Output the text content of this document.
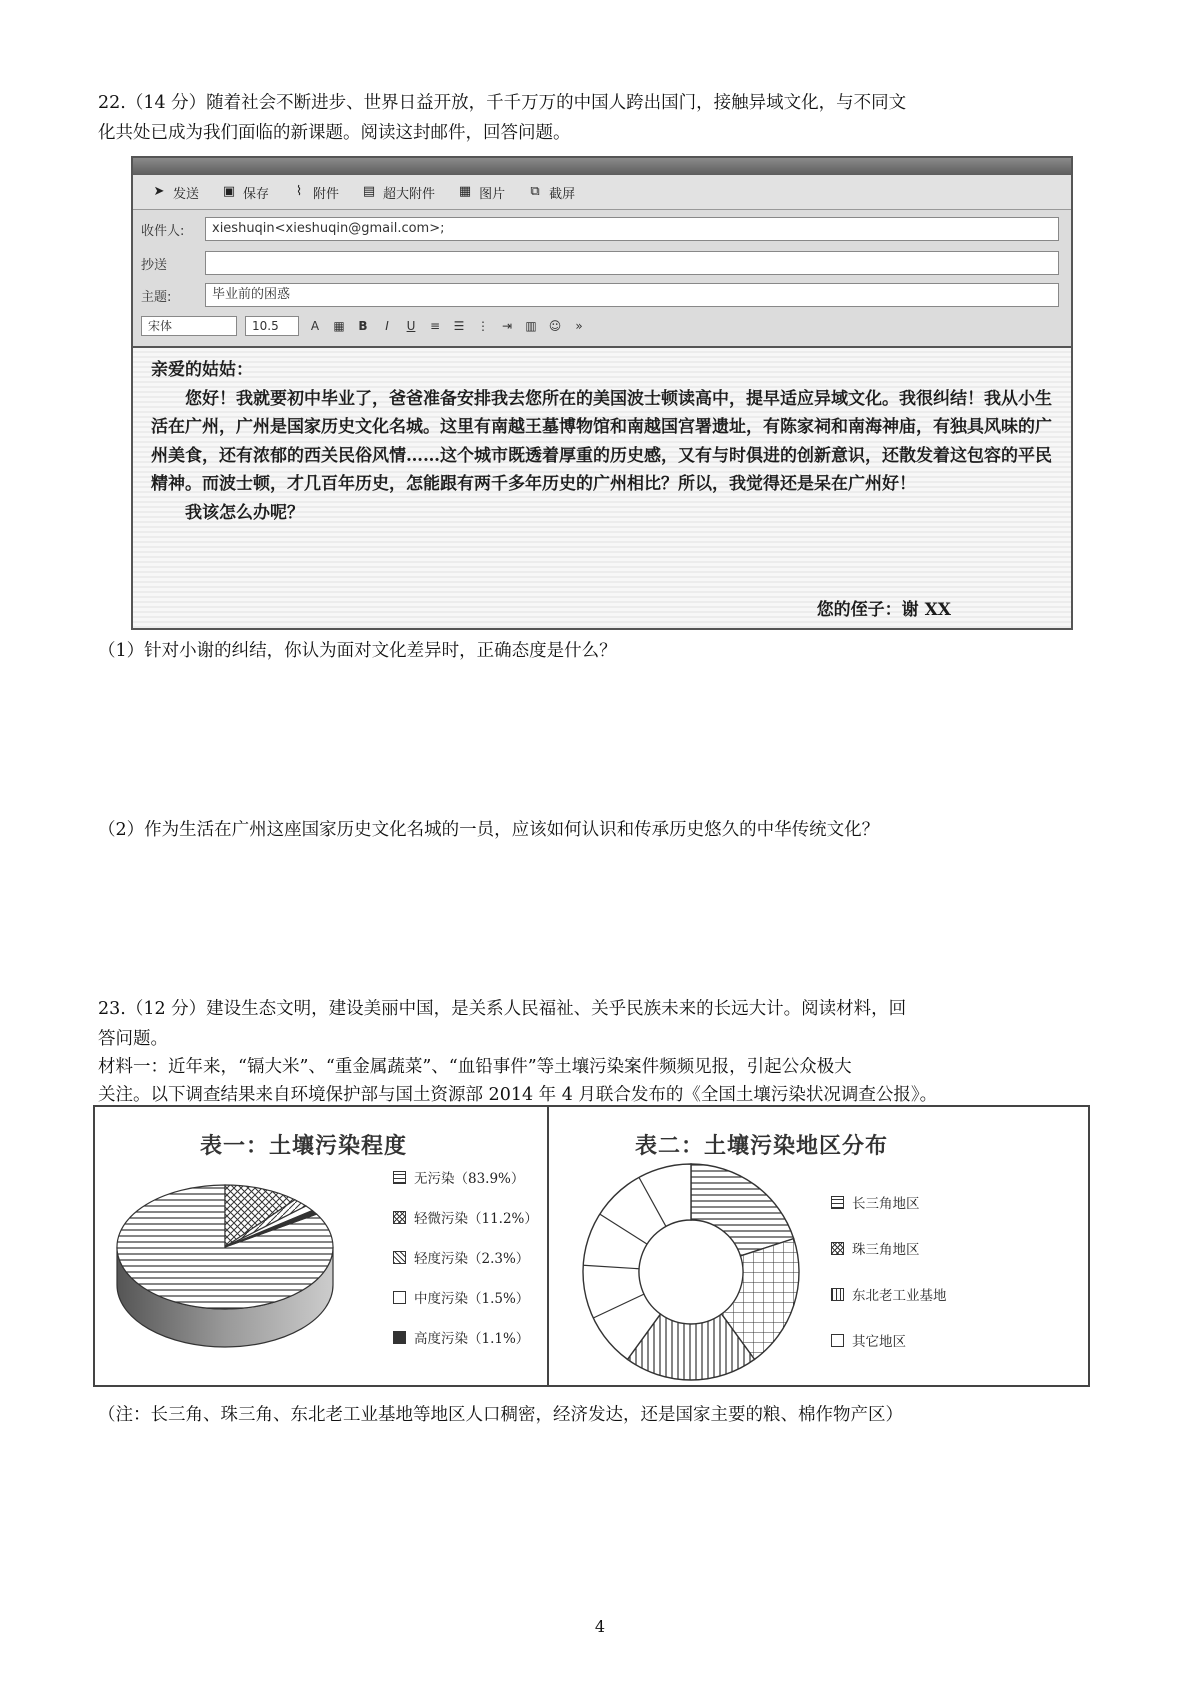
22.（14 分）随着社会不断进步、世界日益开放，千千万万的中国人跨出国门，接触异域文化，与不同文

化共处已成为我们面临的新课题。阅读这封邮件，回答问题。

➤ 发送 ▣ 保存	⌇ 附件 ▤ 超大附件 ▦ 图片 ⧉ 截屏
收件人:	xieshuqin<xieshuqin@gmail.com>;
抄送
主题:	毕业前的困惑
宋体	10.5	A	▦ B	I	U	≡ ☰ ⋮ ⇥ ▥ ☺	»

亲爱的姑姑：

您好！我就要初中毕业了，爸爸准备安排我去您所在的美国波士顿读高中，提早适应异域文化。我很纠结！我从小生活在广州，广州是国家历史文化名城。这里有南越王墓博物馆和南越国宫署遗址，有陈家祠和南海神庙，有独具风味的广州美食，还有浓郁的西关民俗风情……这个城市既透着厚重的历史感，又有与时俱进的创新意识，还散发着这包容的平民精神。而波士顿，才几百年历史，怎能跟有两千多年历史的广州相比？所以，我觉得还是呆在广州好！

我该怎么办呢？

您的侄子：谢 XX

（1）针对小谢的纠结，你认为面对文化差异时，正确态度是什么？

（2）作为生活在广州这座国家历史文化名城的一员，应该如何认识和传承历史悠久的中华传统文化？

23.（12 分）建设生态文明，建设美丽中国，是关系人民福祉、关乎民族未来的长远大计。阅读材料，回

答问题。

材料一：近年来，“镉大米”、“重金属蔬菜”、“血铅事件”等土壤污染案件频频见报，引起公众极大

关注。以下调查结果来自环境保护部与国土资源部 2014 年 4 月联合发布的《全国土壤污染状况调查公报》。

表一：土壤污染程度
无污染（83.9%）
轻微污染（11.2%）
轻度污染（2.3%）
中度污染（1.5%）
高度污染（1.1%）
表二：土壤污染地区分布
长三角地区
珠三角地区
东北老工业基地
其它地区

（注：长三角、珠三角、东北老工业基地等地区人口稠密，经济发达，还是国家主要的粮、棉作物产区）

4
